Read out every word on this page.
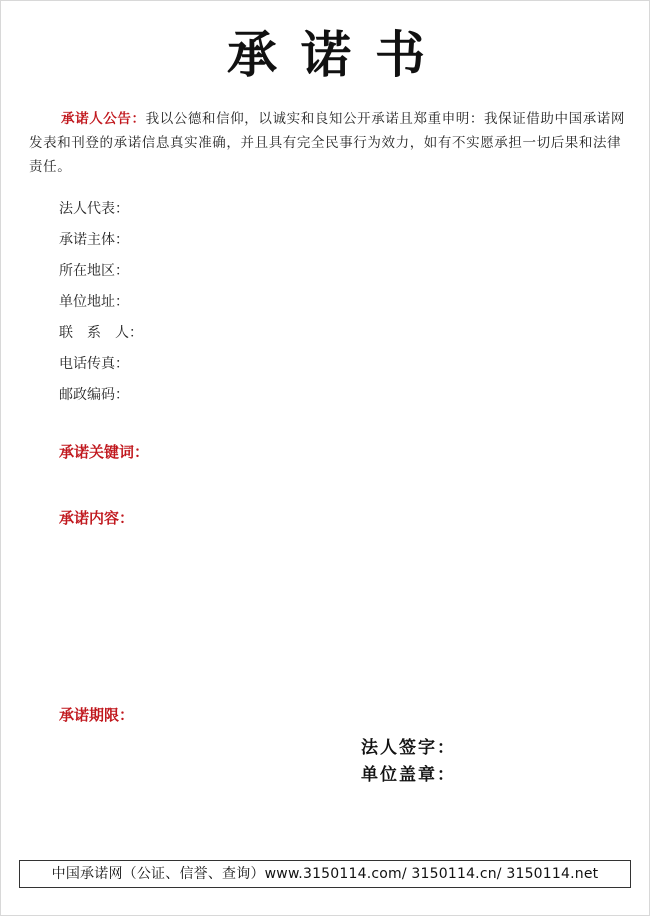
承诺书
承诺人公告：我以公德和信仰，以诚实和良知公开承诺且郑重申明：我保证借助中国承诺网发表和刊登的承诺信息真实准确，并且具有完全民事行为效力，如有不实愿承担一切后果和法律责任。
法人代表：
承诺主体：
所在地区：
单位地址：
联　系　人：
电话传真：
邮政编码：
承诺关键词：
承诺内容：
承诺期限：
法人签字：
单位盖章：
中国承诺网（公证、信誉、查询）www.3150114.com/ 3150114.cn/ 3150114.net
